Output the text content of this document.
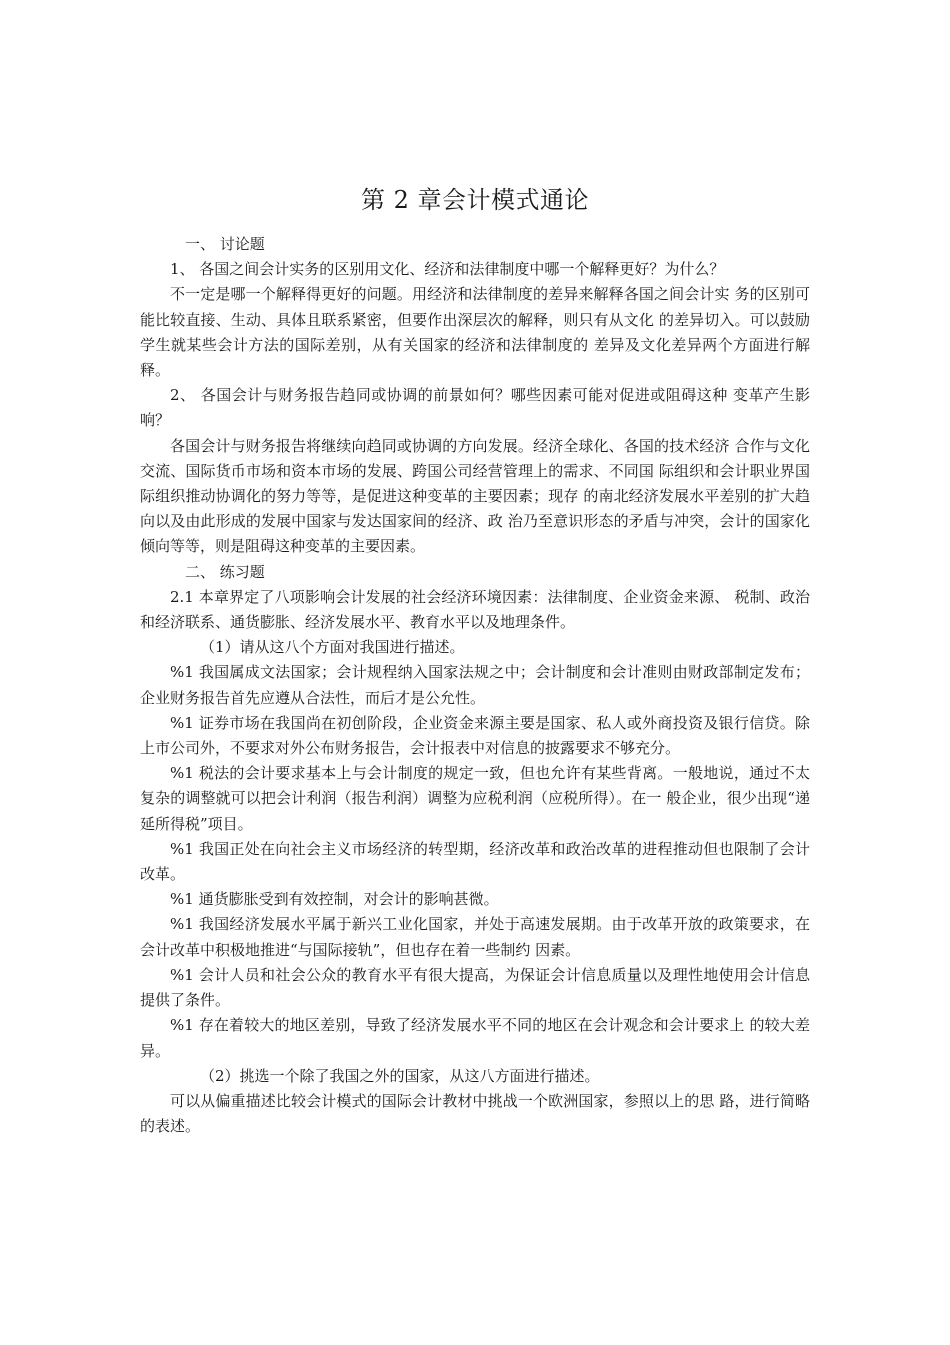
第 2 章会计模式通论

一、 讨论题

1、 各国之间会计实务的区别用文化、经济和法律制度中哪一个解释更好？为什么？

不一定是哪一个解释得更好的问题。用经济和法律制度的差异来解释各国之间会计实 务的区别可能比较直接、生动、具体且联系紧密，但要作出深层次的解释，则只有从文化 的差异切入。可以鼓励学生就某些会计方法的国际差别，从有关国家的经济和法律制度的 差异及文化差异两个方面进行解释。

2、 各国会计与财务报告趋同或协调的前景如何？哪些因素可能对促进或阻碍这种 变革产生影响？

各国会计与财务报告将继续向趋同或协调的方向发展。经济全球化、各国的技术经济 合作与文化交流、国际货币市场和资本市场的发展、跨国公司经营管理上的需求、不同国 际组织和会计职业界国际组织推动协调化的努力等等，是促进这种变革的主要因素；现存 的南北经济发展水平差别的扩大趋向以及由此形成的发展中国家与发达国家间的经济、政 治乃至意识形态的矛盾与冲突，会计的国家化倾向等等，则是阻碍这种变革的主要因素。

二、 练习题

2.1 本章界定了八项影响会计发展的社会经济环境因素：法律制度、企业资金来源、 税制、政治和经济联系、通货膨胀、经济发展水平、教育水平以及地理条件。

（1）请从这八个方面对我国进行描述。

%1 我国属成文法国家；会计规程纳入国家法规之中；会计制度和会计准则由财政部制定发布；企业财务报告首先应遵从合法性，而后才是公允性。

%1 证券市场在我国尚在初创阶段，企业资金来源主要是国家、私人或外商投资及银行信贷。除上市公司外，不要求对外公布财务报告，会计报表中对信息的披露要求不够充分。

%1 税法的会计要求基本上与会计制度的规定一致，但也允许有某些背离。一般地说，通过不太复杂的调整就可以把会计利润（报告利润）调整为应税利润（应税所得）。在一 般企业，很少出现“递延所得税”项目。

%1 我国正处在向社会主义市场经济的转型期，经济改革和政治改革的进程推动但也限制了会计改革。

%1 通货膨胀受到有效控制，对会计的影响甚微。

%1 我国经济发展水平属于新兴工业化国家，并处于高速发展期。由于改革开放的政策要求，在会计改革中积极地推进“与国际接轨”，但也存在着一些制约 因素。

%1 会计人员和社会公众的教育水平有很大提高，为保证会计信息质量以及理性地使用会计信息提供了条件。

%1 存在着较大的地区差别，导致了经济发展水平不同的地区在会计观念和会计要求上 的较大差异。

（2）挑选一个除了我国之外的国家，从这八方面进行描述。

可以从偏重描述比较会计模式的国际会计教材中挑战一个欧洲国家，参照以上的思 路，进行简略的表述。
